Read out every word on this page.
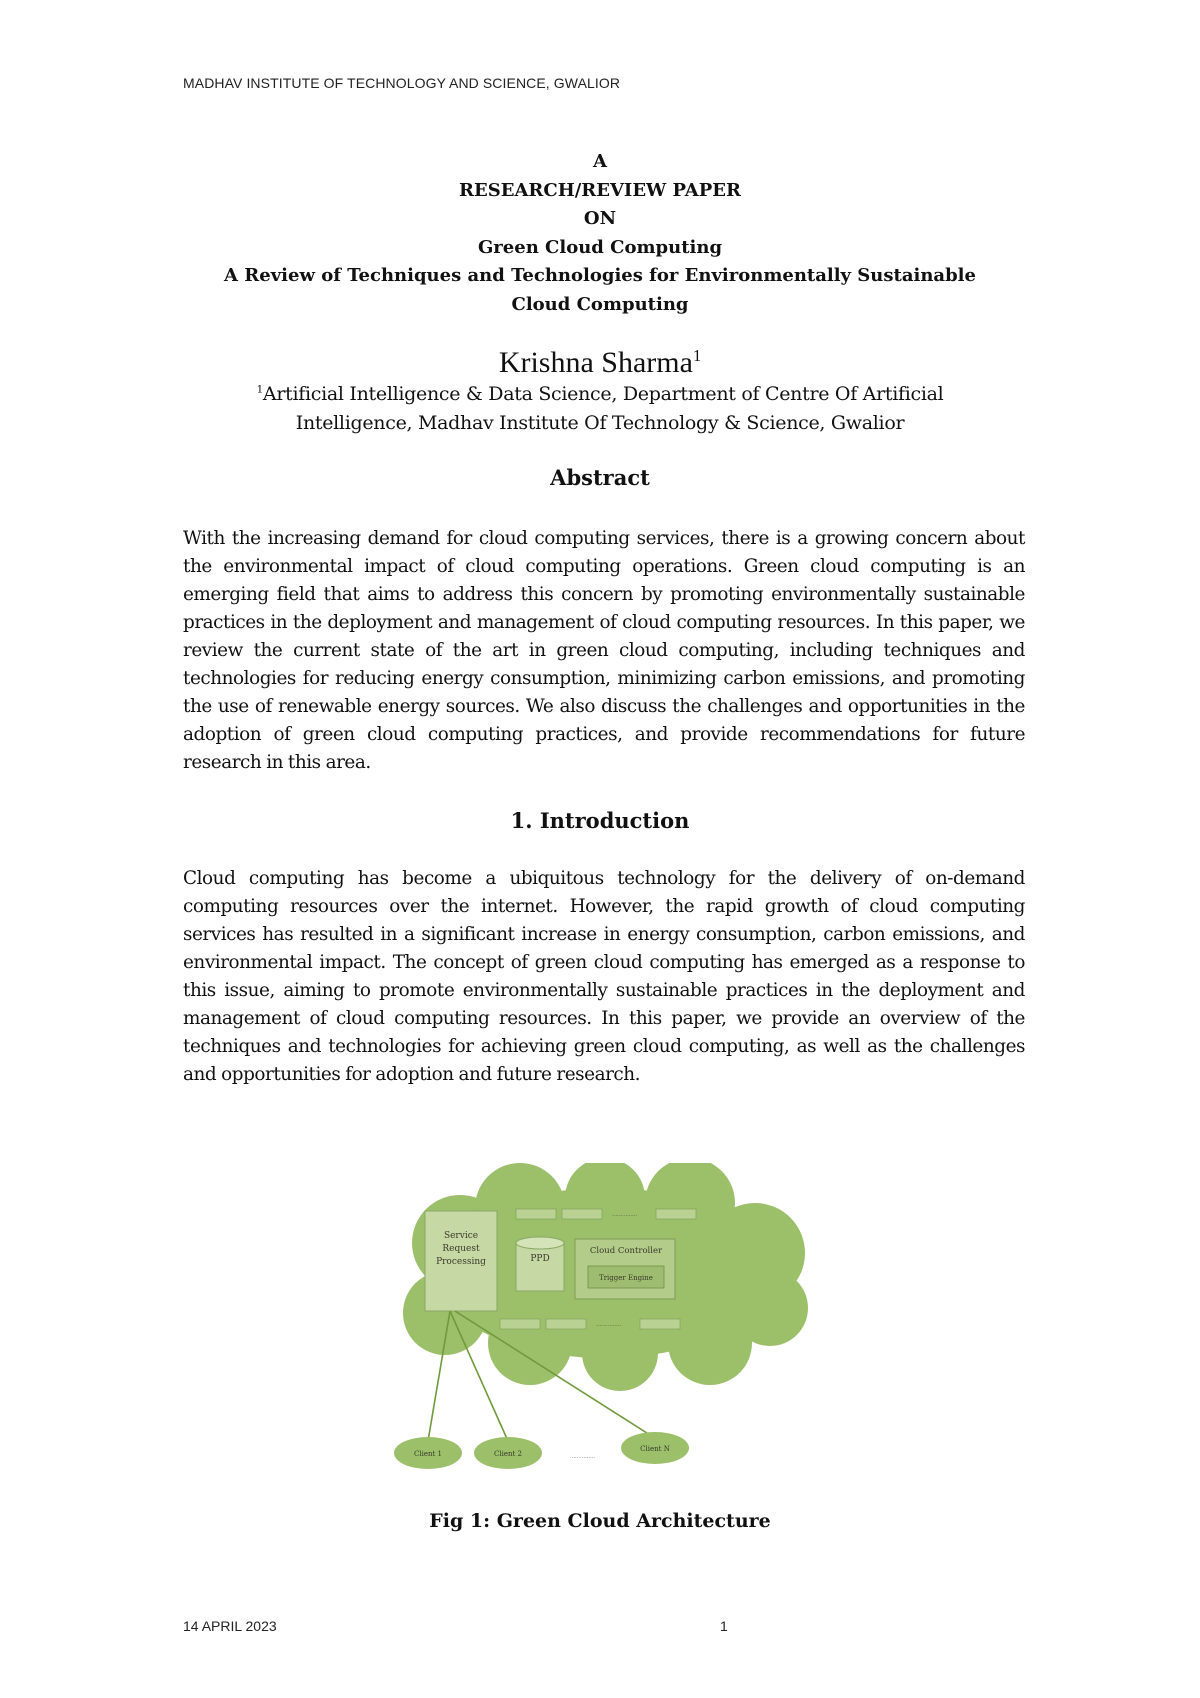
MADHAV INSTITUTE OF TECHNOLOGY AND SCIENCE, GWALIOR
A
RESEARCH/REVIEW PAPER
ON
Green Cloud Computing
A Review of Techniques and Technologies for Environmentally Sustainable
Cloud Computing
Krishna Sharma$^1$
$^1$Artificial Intelligence & Data Science, Department of Centre Of Artificial
Intelligence, Madhav Institute Of Technology & Science, Gwalior
Abstract

With the increasing demand for cloud computing services, there is a growing concern about the environmental impact of cloud computing operations. Green cloud computing is an emerging field that aims to address this concern by promoting environmentally sustainable practices in the deployment and management of cloud computing resources. In this paper, we review the current state of the art in green cloud computing, including techniques and technologies for reducing energy consumption, minimizing carbon emissions, and promoting the use of renewable energy sources. We also discuss the challenges and opportunities in the adoption of green cloud computing practices, and provide recommendations for future research in this area.

1. Introduction

Cloud computing has become a ubiquitous technology for the delivery of on-demand computing resources over the internet. However, the rapid growth of cloud computing services has resulted in a significant increase in energy consumption, carbon emissions, and environmental impact. The concept of green cloud computing has emerged as a response to this issue, aiming to promote environmentally sustainable practices in the deployment and management of cloud computing resources. In this paper, we provide an overview of the techniques and technologies for achieving green cloud computing, as well as the challenges and opportunities for adoption and future research.

Service
Request
Processing
……………
PPD
Cloud Controller
Trigger Engine
……………
Client 1	Client 2	……………
Client N
Fig 1: Green Cloud Architecture
14 APRIL 2023	1
